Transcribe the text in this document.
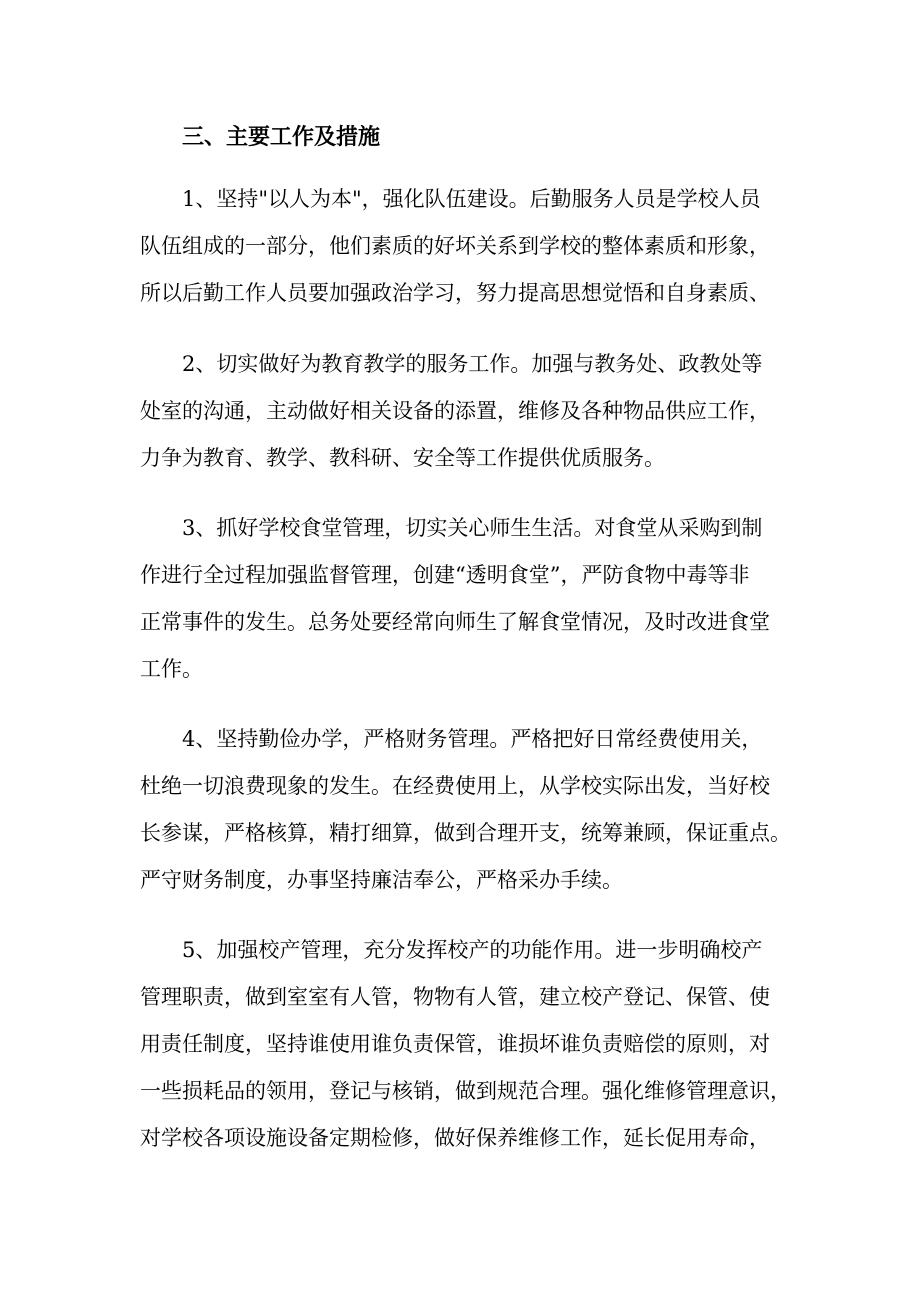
三、主要工作及措施

1、坚持"以人为本"，强化队伍建设。后勤服务人员是学校人员

队伍组成的一部分，他们素质的好坏关系到学校的整体素质和形象，

所以后勤工作人员要加强政治学习，努力提高思想觉悟和自身素质、

2、切实做好为教育教学的服务工作。加强与教务处、政教处等

处室的沟通，主动做好相关设备的添置，维修及各种物品供应工作，

力争为教育、教学、教科研、安全等工作提供优质服务。

3、抓好学校食堂管理，切实关心师生生活。对食堂从采购到制

作进行全过程加强监督管理，创建“透明食堂”，严防食物中毒等非

正常事件的发生。总务处要经常向师生了解食堂情况，及时改进食堂

工作。

4、坚持勤俭办学，严格财务管理。严格把好日常经费使用关，

杜绝一切浪费现象的发生。在经费使用上，从学校实际出发，当好校

长参谋，严格核算，精打细算，做到合理开支，统筹兼顾，保证重点。

严守财务制度，办事坚持廉洁奉公，严格采办手续。

5、加强校产管理，充分发挥校产的功能作用。进一步明确校产

管理职责，做到室室有人管，物物有人管，建立校产登记、保管、使

用责任制度，坚持谁使用谁负责保管，谁损坏谁负责赔偿的原则，对

一些损耗品的领用，登记与核销，做到规范合理。强化维修管理意识，

对学校各项设施设备定期检修，做好保养维修工作，延长促用寿命，
